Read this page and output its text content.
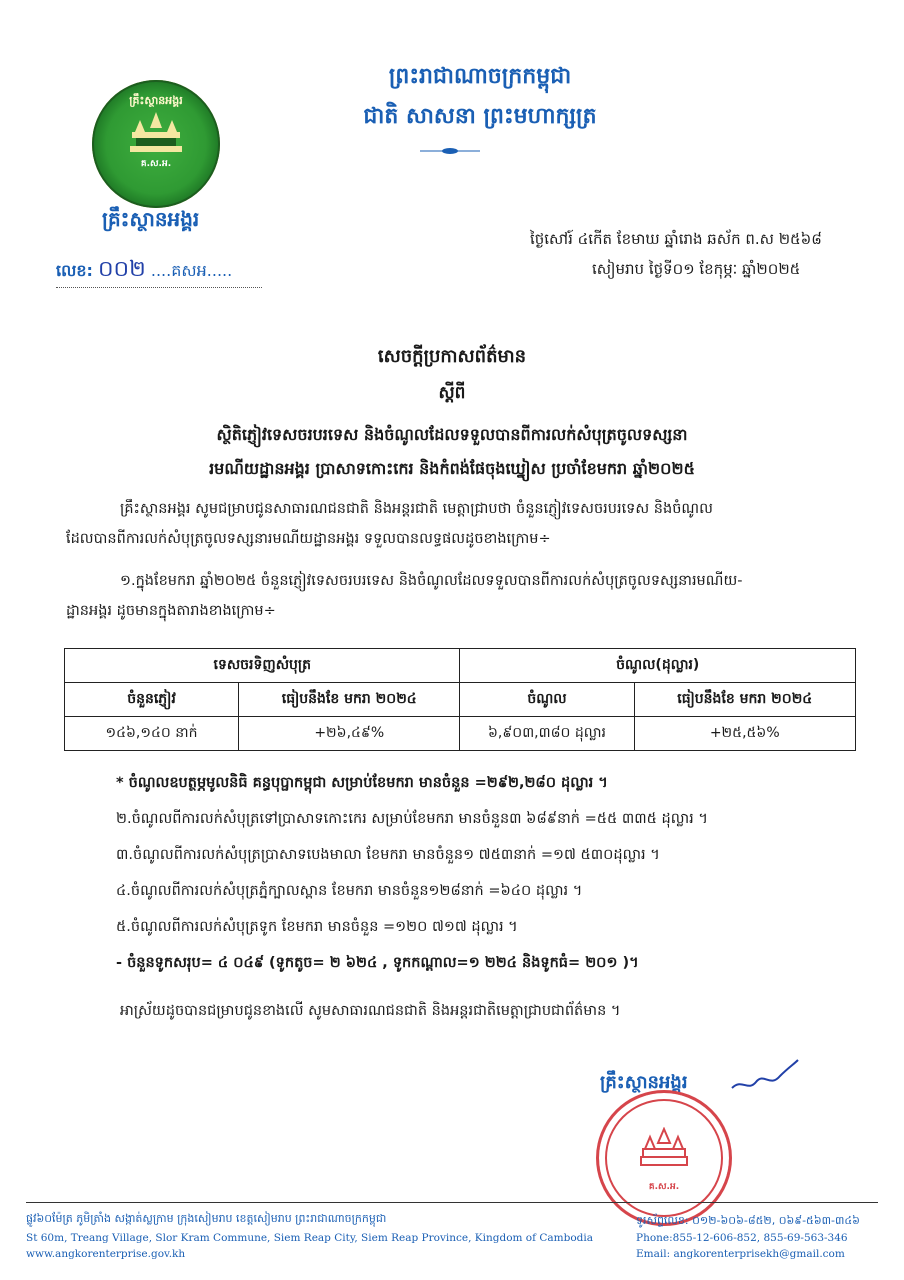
គ្រឹះស្ថានអង្គរ
គ.ស.អ.
គ្រឹះស្ថានអង្គរ
លេខ: ០០២ ....គសអ.....
ព្រះរាជាណាចក្រកម្ពុជា
ជាតិ សាសនា ព្រះមហាក្សត្រ
ថ្ងៃសៅរ៍ ៤កើត ខែមាឃ ឆ្នាំរោង ឆស័ក ព.ស ២៥៦៨
សៀមរាប ថ្ងៃទី០១ ខែកុម្ភៈ ឆ្នាំ២០២៥
សេចក្តីប្រកាសព័ត៌មាន
ស្តីពី
ស្ថិតិភ្ញៀវទេសចរបរទេស និងចំណូលដែលទទួលបានពីការលក់សំបុត្រចូលទស្សនា
រមណីយដ្ឋានអង្គរ ប្រាសាទកោះកេរ និងកំពង់ផែចុងឃ្នៀស ប្រចាំខែមករា ឆ្នាំ២០២៥
គ្រឹះស្ថានអង្គរ សូមជម្រាបជូនសាធារណជនជាតិ និងអន្តរជាតិ មេត្តាជ្រាបថា ចំនួនភ្ញៀវទេសចរបរទេស និងចំណូល
ដែលបានពីការលក់សំបុត្រចូលទស្សនារមណីយដ្ឋានអង្គរ ទទួលបានលទ្ធផលដូចខាងក្រោម÷
១.ក្នុងខែមករា ឆ្នាំ២០២៥ ចំនួនភ្ញៀវទេសចរបរទេស និងចំណូលដែលទទួលបានពីការលក់សំបុត្រចូលទស្សនារមណីយ-
ដ្ឋានអង្គរ ដូចមានក្នុងតារាងខាងក្រោម÷
ទេសចរទិញសំបុត្រ		ចំណូល(ដុល្លារ)	
ចំនួនភ្ញៀវ	ធៀបនឹងខែ មករា ២០២៤	ចំណូល	ធៀបនឹងខែ មករា ២០២៤
១៤៦,១៤០ នាក់	+២៦,៤៩%	៦,៩០៣,៣៨០ ដុល្លារ	+២៥,៥៦%
* ចំណូលឧបត្ថម្ភមូលនិធិ គន្ធបុប្ផាកម្ពុជា សម្រាប់ខែមករា មានចំនួន =២៩២,២៨០ ដុល្លារ ។
២.ចំណូលពីការលក់សំបុត្រទៅប្រាសាទកោះកេរ សម្រាប់ខែមករា មានចំនួន៣ ៦៨៩នាក់ =៥៥ ៣៣៥ ដុល្លារ ។
៣.ចំណូលពីការលក់សំបុត្រប្រាសាទបេងមាលា ខែមករា មានចំនួន១ ៧៥៣នាក់ =១៧ ៥៣០ដុល្លារ ។
៤.ចំណូលពីការលក់សំបុត្រភ្នំក្បាលស្ពាន ខែមករា មានចំនួន១២៨នាក់ =៦៤០ ដុល្លារ ។
៥.ចំណូលពីការលក់សំបុត្រទូក ខែមករា មានចំនួន =១២០ ៧១៧ ដុល្លារ ។
- ចំនួនទូកសរុប= ៤ ០៤៩ (ទូកតូច= ២ ៦២៤ , ទូកកណ្តាល=១ ២២៤ និងទូកធំ= ២០១ )។
អាស្រ័យដូចបានជម្រាបជូនខាងលើ សូមសាធារណជនជាតិ និងអន្តរជាតិមេត្តាជ្រាបជាព័ត៌មាន ។
គ្រឹះស្ថានអង្គរ
គ.ស.អ.
ផ្លូវ៦០ម៉ែត្រ ភូមិត្រាំង សង្កាត់ស្លក្រាម ក្រុងសៀមរាប ខេត្តសៀមរាប ព្រះរាជាណាចក្រកម្ពុជា
St 60m, Treang Village, Slor Kram Commune, Siem Reap City, Siem Reap Province, Kingdom of Cambodia
www.angkorenterprise.gov.kh
ទូរស័ព្ទលេខ: ០១២-៦០៦-៨៥២, ០៦៩-៥៦៣-៣៤៦
Phone:855-12-606-852, 855-69-563-346
Email: angkorenterprisekh@gmail.com
